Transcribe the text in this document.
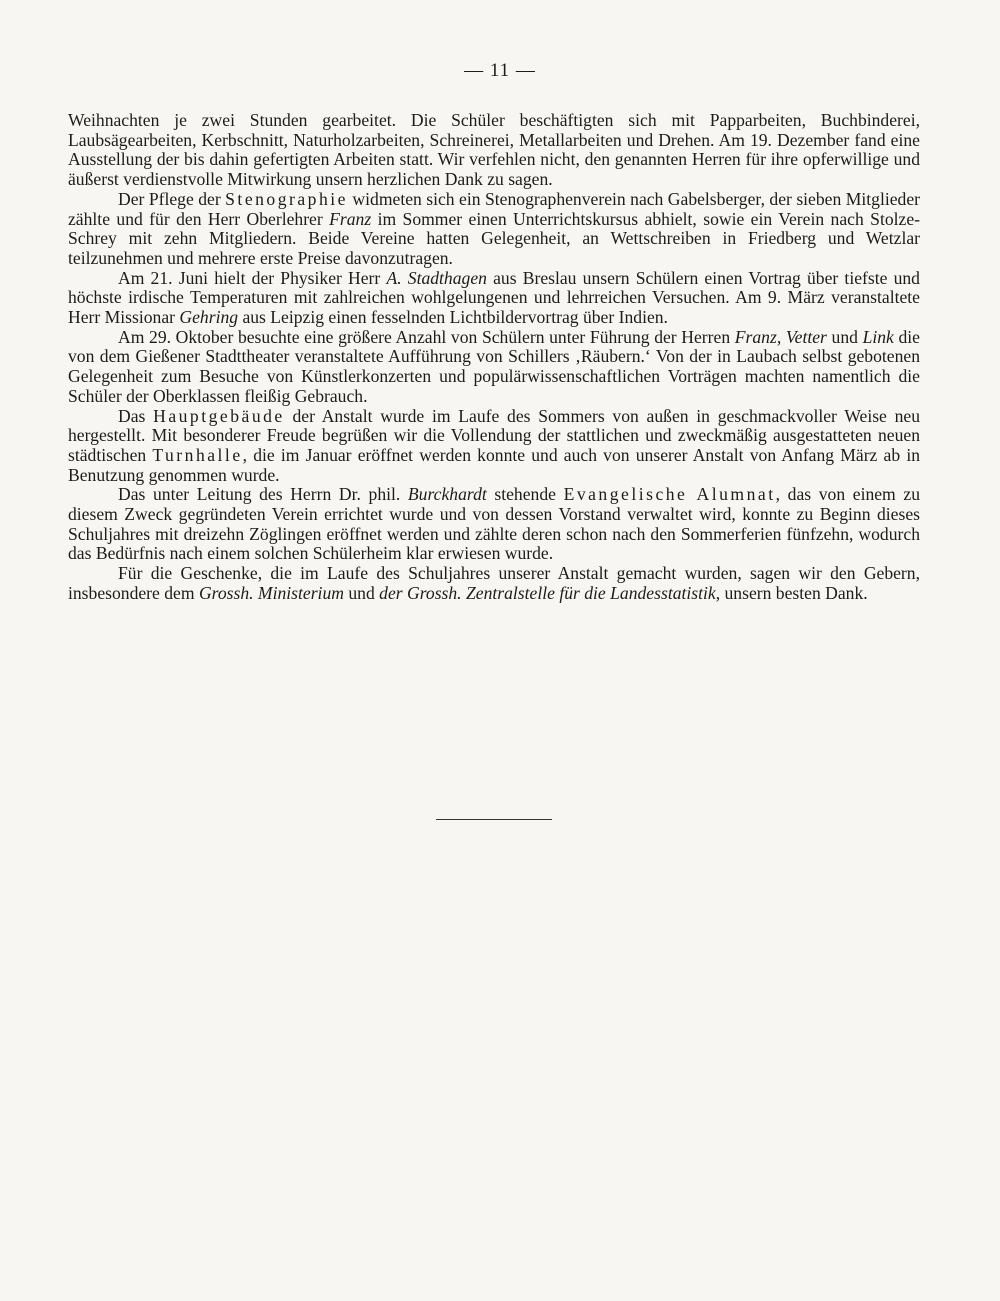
— 11 —

Weihnachten je zwei Stunden gearbeitet. Die Schüler beschäftigten sich mit Papparbeiten, Buchbinderei, Laubsägearbeiten, Kerbschnitt, Naturholzarbeiten, Schreinerei, Metallarbeiten und Drehen. Am 19. Dezember fand eine Ausstellung der bis dahin gefertigten Arbeiten statt. Wir verfehlen nicht, den genannten Herren für ihre opferwillige und äußerst verdienstvolle Mitwirkung unsern herzlichen Dank zu sagen.

Der Pflege der Stenographie widmeten sich ein Stenographenverein nach Gabelsberger, der sieben Mitglieder zählte und für den Herr Oberlehrer Franz im Sommer einen Unterrichtskursus abhielt, sowie ein Verein nach Stolze-Schrey mit zehn Mitgliedern. Beide Vereine hatten Gelegenheit, an Wettschreiben in Friedberg und Wetzlar teilzunehmen und mehrere erste Preise davonzutragen.

Am 21. Juni hielt der Physiker Herr A. Stadthagen aus Breslau unsern Schülern einen Vortrag über tiefste und höchste irdische Temperaturen mit zahlreichen wohlgelungenen und lehrreichen Versuchen. Am 9. März veranstaltete Herr Missionar Gehring aus Leipzig einen fesselnden Lichtbildervortrag über Indien.

Am 29. Oktober besuchte eine größere Anzahl von Schülern unter Führung der Herren Franz, Vetter und Link die von dem Gießener Stadttheater veranstaltete Aufführung von Schillers ‚Räubern.‘ Von der in Laubach selbst gebotenen Gelegenheit zum Besuche von Künstlerkonzerten und populärwissenschaftlichen Vorträgen machten namentlich die Schüler der Oberklassen fleißig Gebrauch.

Das Hauptgebäude der Anstalt wurde im Laufe des Sommers von außen in geschmackvoller Weise neu hergestellt. Mit besonderer Freude begrüßen wir die Vollendung der stattlichen und zweckmäßig ausgestatteten neuen städtischen Turnhalle, die im Januar eröffnet werden konnte und auch von unserer Anstalt von Anfang März ab in Benutzung genommen wurde.

Das unter Leitung des Herrn Dr. phil. Burckhardt stehende Evangelische Alumnat, das von einem zu diesem Zweck gegründeten Verein errichtet wurde und von dessen Vorstand verwaltet wird, konnte zu Beginn dieses Schuljahres mit dreizehn Zöglingen eröffnet werden und zählte deren schon nach den Sommerferien fünfzehn, wodurch das Bedürfnis nach einem solchen Schülerheim klar erwiesen wurde.

Für die Geschenke, die im Laufe des Schuljahres unserer Anstalt gemacht wurden, sagen wir den Gebern, insbesondere dem Grossh. Ministerium und der Grossh. Zentralstelle für die Landesstatistik, unsern besten Dank.
